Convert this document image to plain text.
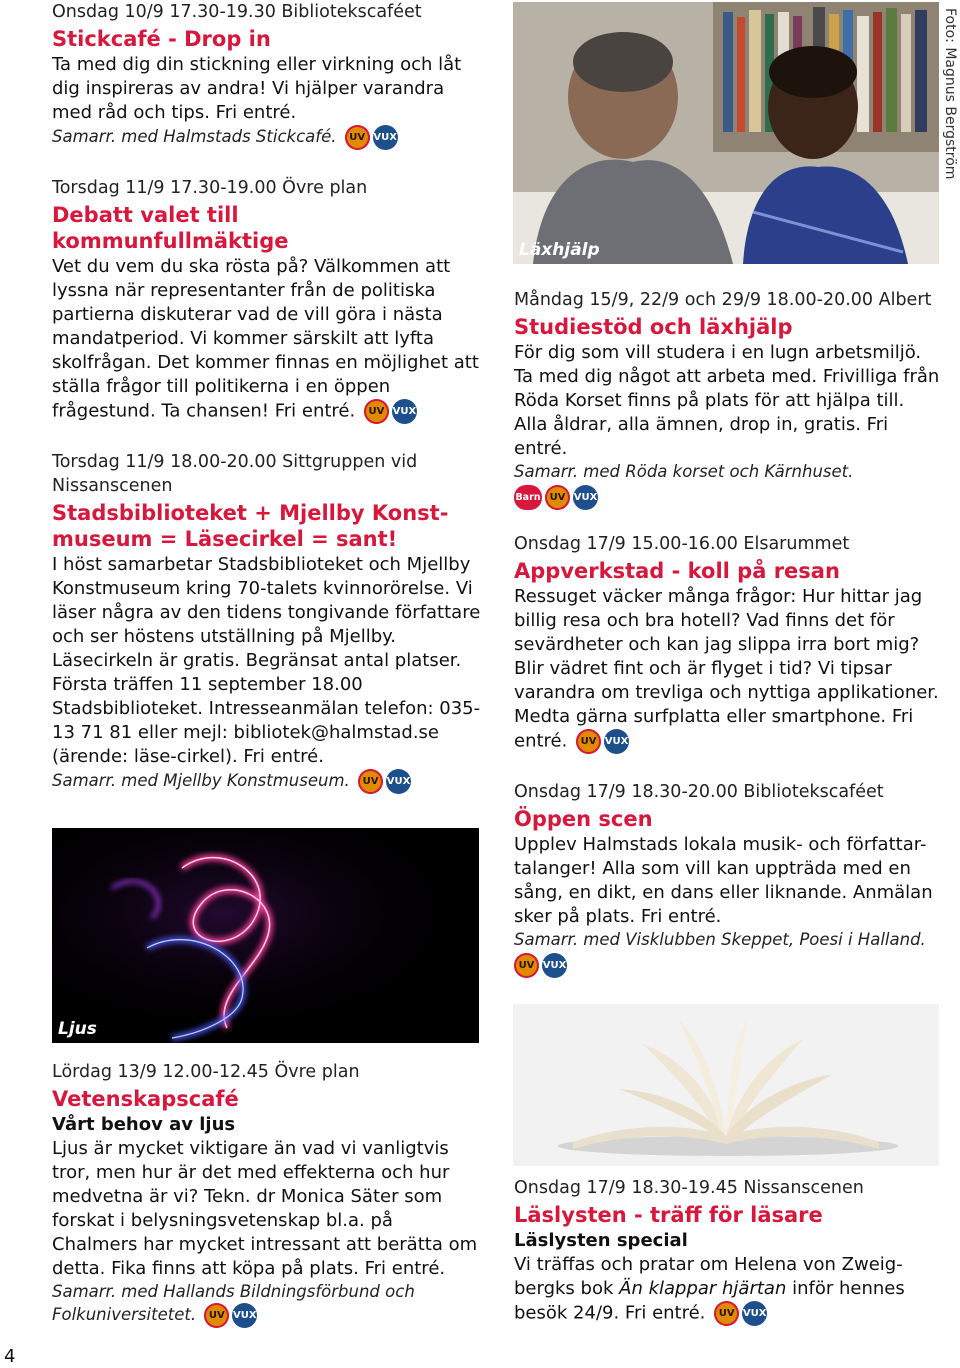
Onsdag 10/9 17.30-19.30 Bibliotekscaféet
Stickcafé - Drop in
Ta med dig din stickning eller virkning och låt dig inspireras av andra! Vi hjälper varandra med råd och tips. Fri entré.
Samarr. med Halmstads Stickcafé. UV VUX
Torsdag 11/9 17.30-19.00 Övre plan
Debatt valet till kommunfullmäktige
Vet du vem du ska rösta på? Välkommen att lyssna när representanter från de politiska partierna diskuterar vad de vill göra i nästa mandatperiod. Vi kommer särskilt att lyfta skolfrågan. Det kommer finnas en möjlighet att ställa frågor till politikerna i en öppen frågestund. Ta chansen! Fri entré. UV VUX
Torsdag 11/9 18.00-20.00 Sittgruppen vid Nissanscenen
Stadsbiblioteket + Mjellby Konst-museum = Läsecirkel = sant!
I höst samarbetar Stadsbiblioteket och Mjellby Konstmuseum kring 70-talets kvinnorörelse. Vi läser några av den tidens tongivande författare och ser höstens utställning på Mjellby. Läsecirkeln är gratis. Begränsat antal platser. Första träffen 11 september 18.00 Stadsbiblioteket. Intresseanmälan telefon: 035-13 71 81 eller mejl: bibliotek@halmstad.se (ärende: läse-cirkel). Fri entré.
Samarr. med Mjellby Konstmuseum. UV VUX
Ljus
Lördag 13/9 12.00-12.45 Övre plan
Vetenskapscafé
Vårt behov av ljus
Ljus är mycket viktigare än vad vi vanligtvis tror, men hur är det med effekterna och hur medvetna är vi? Tekn. dr Monica Säter som forskat i belysningsvetenskap bl.a. på Chalmers har mycket intressant att berätta om detta. Fika finns att köpa på plats. Fri entré.
Samarr. med Hallands Bildningsförbund och Folkuniversitetet. UV VUX
Läxhjälp
Foto: Magnus Bergström
Måndag 15/9, 22/9 och 29/9 18.00-20.00 Albert
Studiestöd och läxhjälp
För dig som vill studera i en lugn arbetsmiljö. Ta med dig något att arbeta med. Frivilliga från Röda Korset finns på plats för att hjälpa till. Alla åldrar, alla ämnen, drop in, gratis. Fri entré.
Samarr. med Röda korset och Kärnhuset.
Barn UV VUX
Onsdag 17/9 15.00-16.00 Elsarummet
Appverkstad - koll på resan
Ressuget väcker många frågor: Hur hittar jag billig resa och bra hotell? Vad finns det för sevärdheter och kan jag slippa irra bort mig? Blir vädret fint och är flyget i tid? Vi tipsar varandra om trevliga och nyttiga applikationer. Medta gärna surfplatta eller smartphone. Fri entré. UV VUX
Onsdag 17/9 18.30-20.00 Bibliotekscaféet
Öppen scen
Upplev Halmstads lokala musik- och författar-talanger! Alla som vill kan uppträda med en sång, en dikt, en dans eller liknande. Anmälan sker på plats. Fri entré.
Samarr. med Visklubben Skeppet, Poesi i Halland.
UV VUX
Onsdag 17/9 18.30-19.45 Nissanscenen
Läslysten - träff för läsare
Läslysten special
Vi träffas och pratar om Helena von Zweig-bergks bok Än klappar hjärtan inför hennes besök 24/9. Fri entré. UV VUX
4
